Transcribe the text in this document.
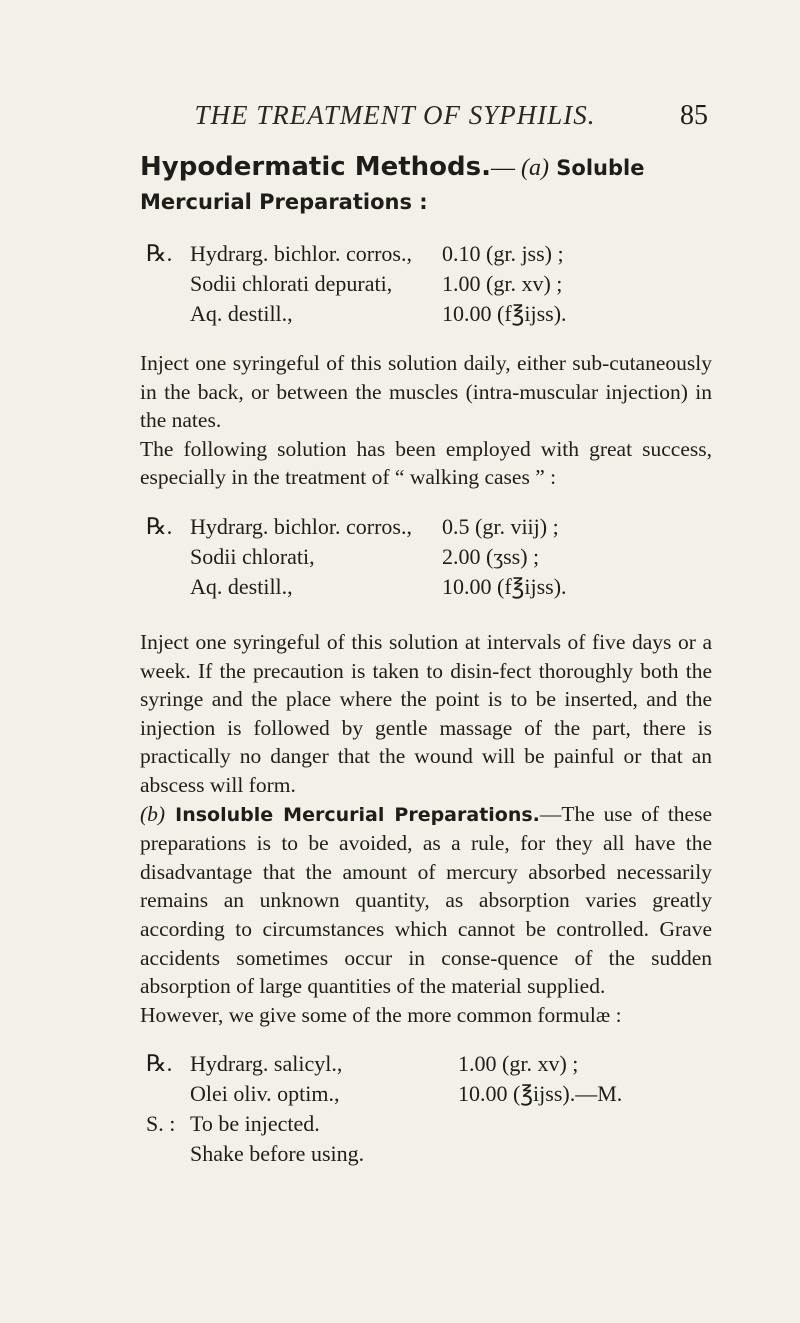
THE TREATMENT OF SYPHILIS.	85
Hypodermatic Methods.— (a) Soluble Mercurial Preparations :
℞. Hydrarg. bichlor. corros., 0.10 (gr. jss) ;
Sodii chlorati depurati, 1.00 (gr. xv) ;
Aq. destill.,	10.00 (f℥ijss).

Inject one syringeful of this solution daily, either sub-cutaneously in the back, or between the muscles (intra-muscular injection) in the nates.

The following solution has been employed with great success, especially in the treatment of “ walking cases ” :

℞. Hydrarg. bichlor. corros., 0.5 (gr. viij) ;
Sodii chlorati,	2.00 (ʒss) ;
Aq. destill.,	10.00 (f℥ijss).

Inject one syringeful of this solution at intervals of five days or a week. If the precaution is taken to disin-fect thoroughly both the syringe and the place where the point is to be inserted, and the injection is followed by gentle massage of the part, there is practically no danger that the wound will be painful or that an abscess will form.

(b) Insoluble Mercurial Preparations.—The use of these preparations is to be avoided, as a rule, for they all have the disadvantage that the amount of mercury absorbed necessarily remains an unknown quantity, as absorption varies greatly according to circumstances which cannot be controlled. Grave accidents sometimes occur in conse-quence of the sudden absorption of large quantities of the material supplied.

However, we give some of the more common formulæ :

℞. Hydrarg. salicyl.,	1.00 (gr. xv) ;
Olei oliv. optim.,	10.00 (℥ijss).—M.
S. : To be injected.
Shake before using.
